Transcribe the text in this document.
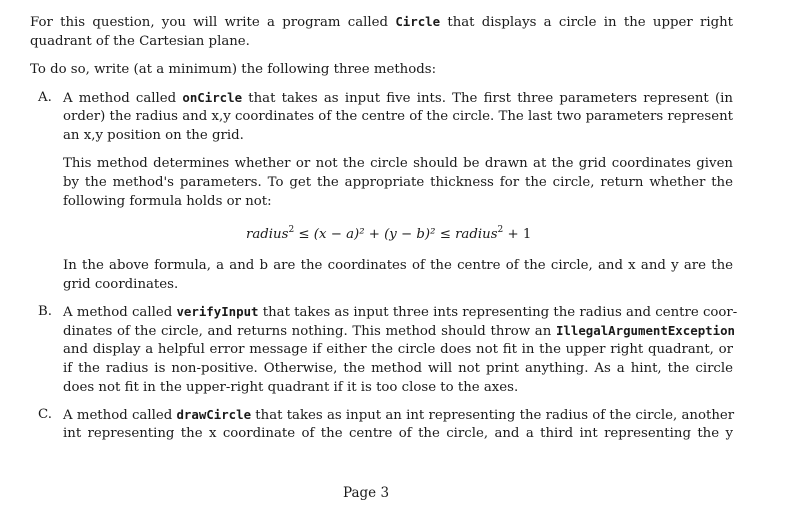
For this question, you will write a program called Circle that displays a circle in the upper right
quadrant of the Cartesian plane.
To do so, write (at a minimum) the following three methods:
A. A method called onCircle that takes as input five ints. The first three parameters represent (in
order) the radius and x,y coordinates of the centre of the circle. The last two parameters represent
an x,y position on the grid.
This method determines whether or not the circle should be drawn at the grid coordinates given
by the method's parameters. To get the appropriate thickness for the circle, return whether the
following formula holds or not:
radius$^2$ ≤ (x − a)² + (y − b)² ≤ radius$^2$ + 1
In the above formula, a and b are the coordinates of the centre of the circle, and x and y are the
grid coordinates.
B. A method called verifyInput that takes as input three ints representing the radius and centre coor-
dinates of the circle, and returns nothing. This method should throw an IllegalArgumentException
and display a helpful error message if either the circle does not fit in the upper right quadrant, or
if the radius is non-positive. Otherwise, the method will not print anything. As a hint, the circle
does not fit in the upper-right quadrant if it is too close to the axes.
C. A method called drawCircle that takes as input an int representing the radius of the circle, another
int representing the x coordinate of the centre of the circle, and a third int representing the y
Page 3
